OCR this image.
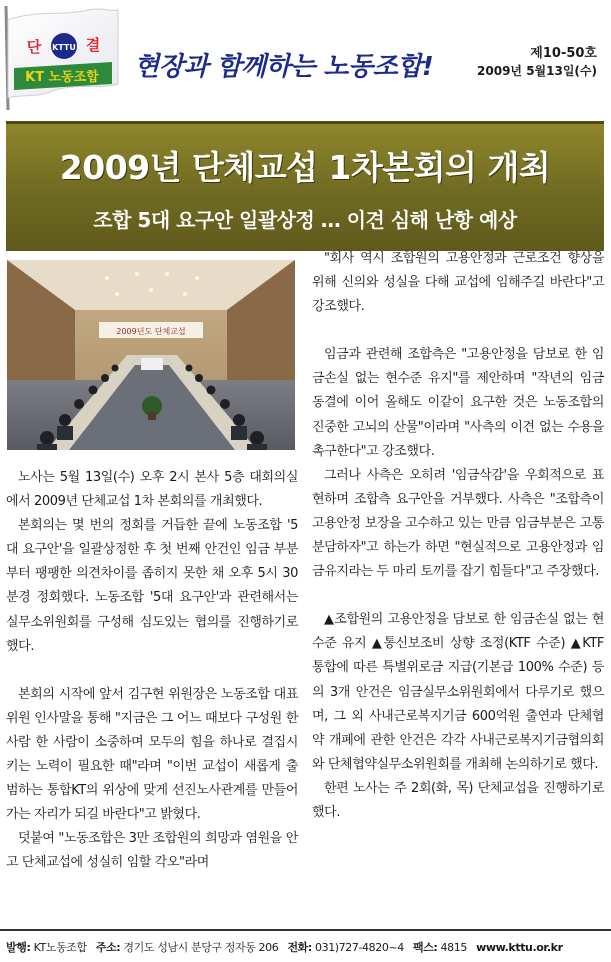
KTTU
단	결
KT 노동조합 현장과 함께하는 노동조합!	제10-50호
2009년 5월13일(수)
2009년 단체교섭 1차본회의 개최
조합 5대 요구안 일괄상정 … 이견 심해 난항 예상
2009년도 단체교섭

노사는 5월 13일(수) 오후 2시 본사 5층 대회의실에서 2009년 단체교섭 1차 본회의를 개최했다.

본회의는 몇 번의 정회를 거듭한 끝에 노동조합 '5대 요구안'을 일괄상정한 후 첫 번째 안건인 임금 부분부터 팽팽한 의견차이를 좁히지 못한 채 오후 5시 30분경 정회했다. 노동조합 '5대 요구안'과 관련해서는 실무소위원회를 구성해 심도있는 협의를 진행하기로 했다.

본회의 시작에 앞서 김구현 위원장은 노동조합 대표위원 인사말을 통해 "지금은 그 어느 때보다 구성원 한 사람 한 사람이 소중하며 모두의 힘을 하나로 결집시키는 노력이 필요한 때"라며 "이번 교섭이 새롭게 출범하는 통합KT의 위상에 맞게 선진노사관계를 만들어가는 자리가 되길 바란다"고 밝혔다.

덧붙여 "노동조합은 3만 조합원의 희망과 염원을 안고 단체교섭에 성실히 임할 각오"라며

"회사 역시 조합원의 고용안정과 근로조건 향상을 위해 신의와 성실을 다해 교섭에 임해주길 바란다"고 강조했다.

임금과 관련해 조합측은 "고용안정을 담보로 한 임금손실 없는 현수준 유지"를 제안하며 "작년의 임금 동결에 이어 올해도 이같이 요구한 것은 노동조합의 진중한 고뇌의 산물"이라며 "사측의 이견 없는 수용을 촉구한다"고 강조했다.

그러나 사측은 오히려 '임금삭감'을 우회적으로 표현하며 조합측 요구안을 거부했다. 사측은 "조합측이 고용안정 보장을 고수하고 있는 만큼 임금부분은 고통분담하자"고 하는가 하면 "현실적으로 고용안정과 임금유지라는 두 마리 토끼를 잡기 힘들다"고 주장했다.

▲조합원의 고용안정을 담보로 한 임금손실 없는 현 수준 유지 ▲통신보조비 상향 조정(KTF 수준) ▲KTF 통합에 따른 특별위로금 지급(기본급 100% 수준) 등의 3개 안건은 임금실무소위원회에서 다루기로 했으며, 그 외 사내근로복지기금 600억원 출연과 단체협약 개폐에 관한 안건은 각각 사내근로복지기금협의회와 단체협약실무소위원회를 개최해 논의하기로 했다.

한편 노사는 주 2회(화, 목) 단체교섭을 진행하기로 했다.

발행: KT노동조합 주소: 경기도 성남시 분당구 정자동 206 전화: 031)727-4820~4 팩스: 4815 www.kttu.or.kr
